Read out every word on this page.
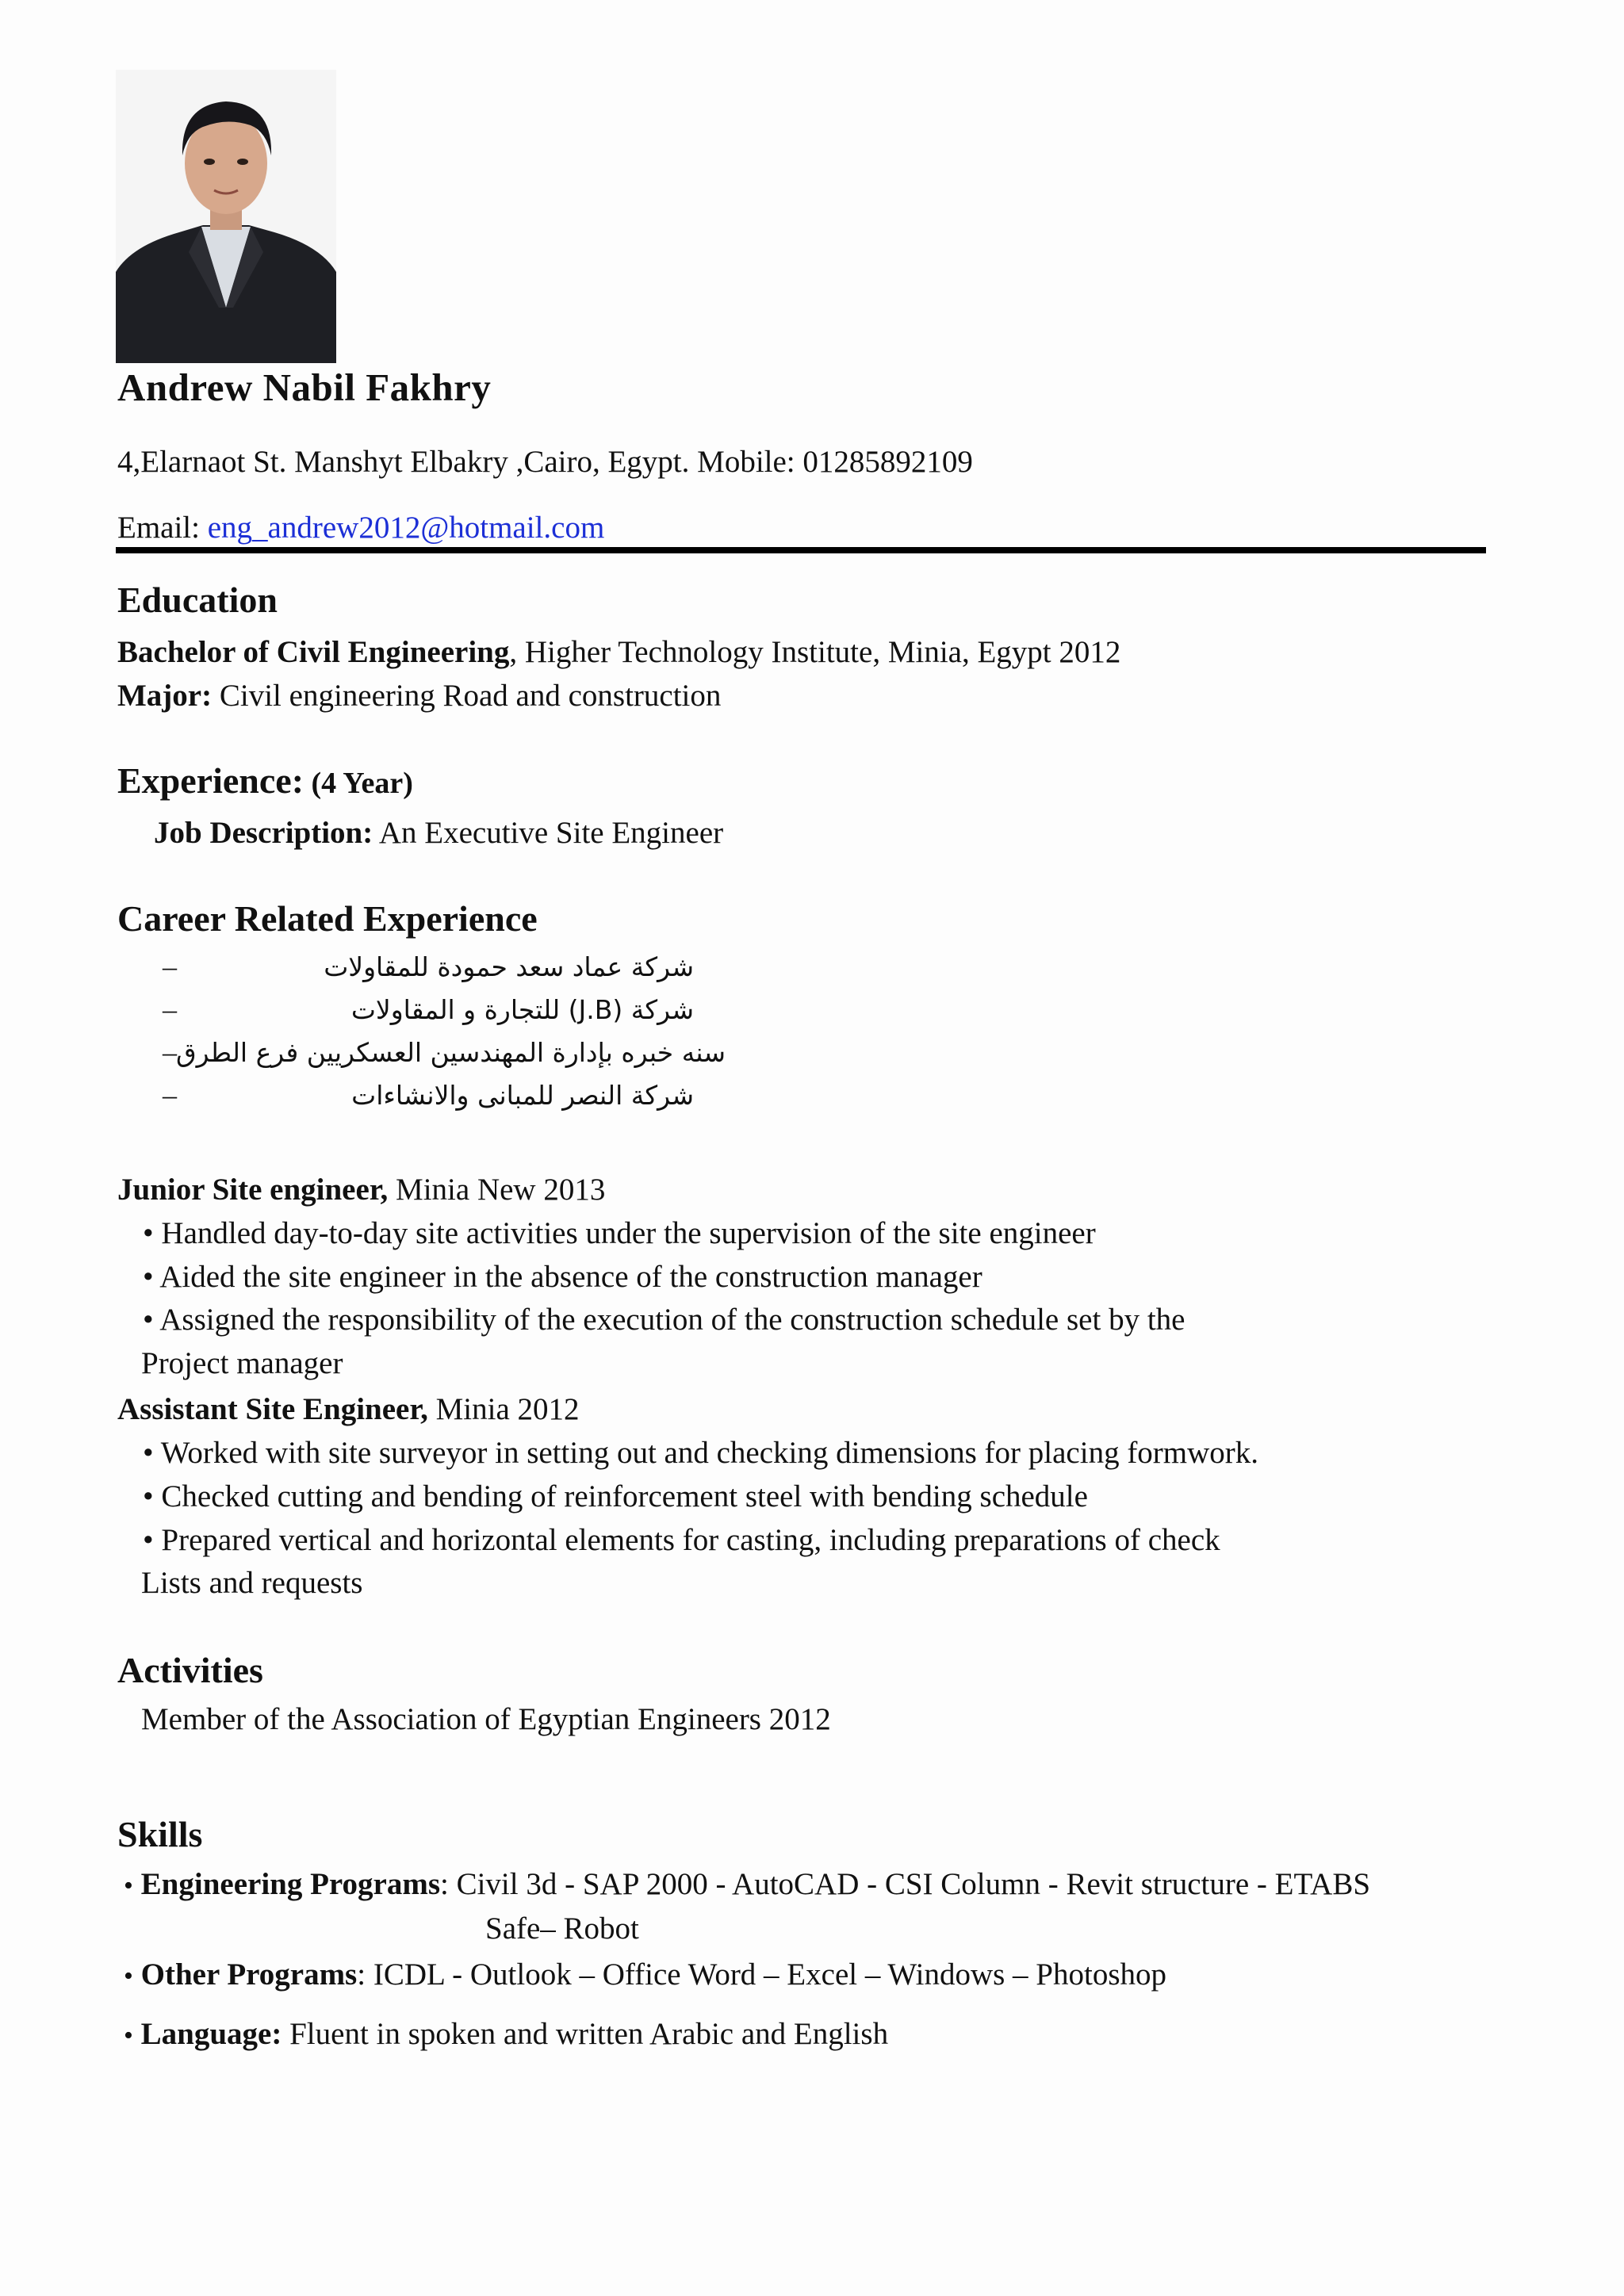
Andrew Nabil Fakhry
4,Elarnaot St. Manshyt Elbakry ,Cairo, Egypt. Mobile: 01285892109
Email: eng_andrew2012@hotmail.com
Education
Bachelor of Civil Engineering, Higher Technology Institute, Minia, Egypt 2012
Major: Civil engineering Road and construction
Experience: (4 Year)
Job Description: An Executive Site Engineer
Career Related Experience
–	شركة عماد سعد حمودة للمقاولات
–	شركة (J.B) للتجارة و المقاولات
– سنه خبره بإدارة المهندسين العسكريين فرع الطرق
–	شركة النصر للمبانى والانشاءات
Junior Site engineer, Minia New 2013
• Handled day-to-day site activities under the supervision of the site engineer
• Aided the site engineer in the absence of the construction manager
• Assigned the responsibility of the execution of the construction schedule set by the
Project manager
Assistant Site Engineer, Minia 2012
• Worked with site surveyor in setting out and checking dimensions for placing formwork.
• Checked cutting and bending of reinforcement steel with bending schedule
• Prepared vertical and horizontal elements for casting, including preparations of check
Lists and requests
Activities
Member of the Association of Egyptian Engineers 2012
Skills
• Engineering Programs: Civil 3d - SAP 2000 - AutoCAD - CSI Column - Revit structure - ETABS
Safe– Robot
• Other Programs: ICDL - Outlook – Office Word – Excel – Windows – Photoshop
• Language: Fluent in spoken and written Arabic and English
